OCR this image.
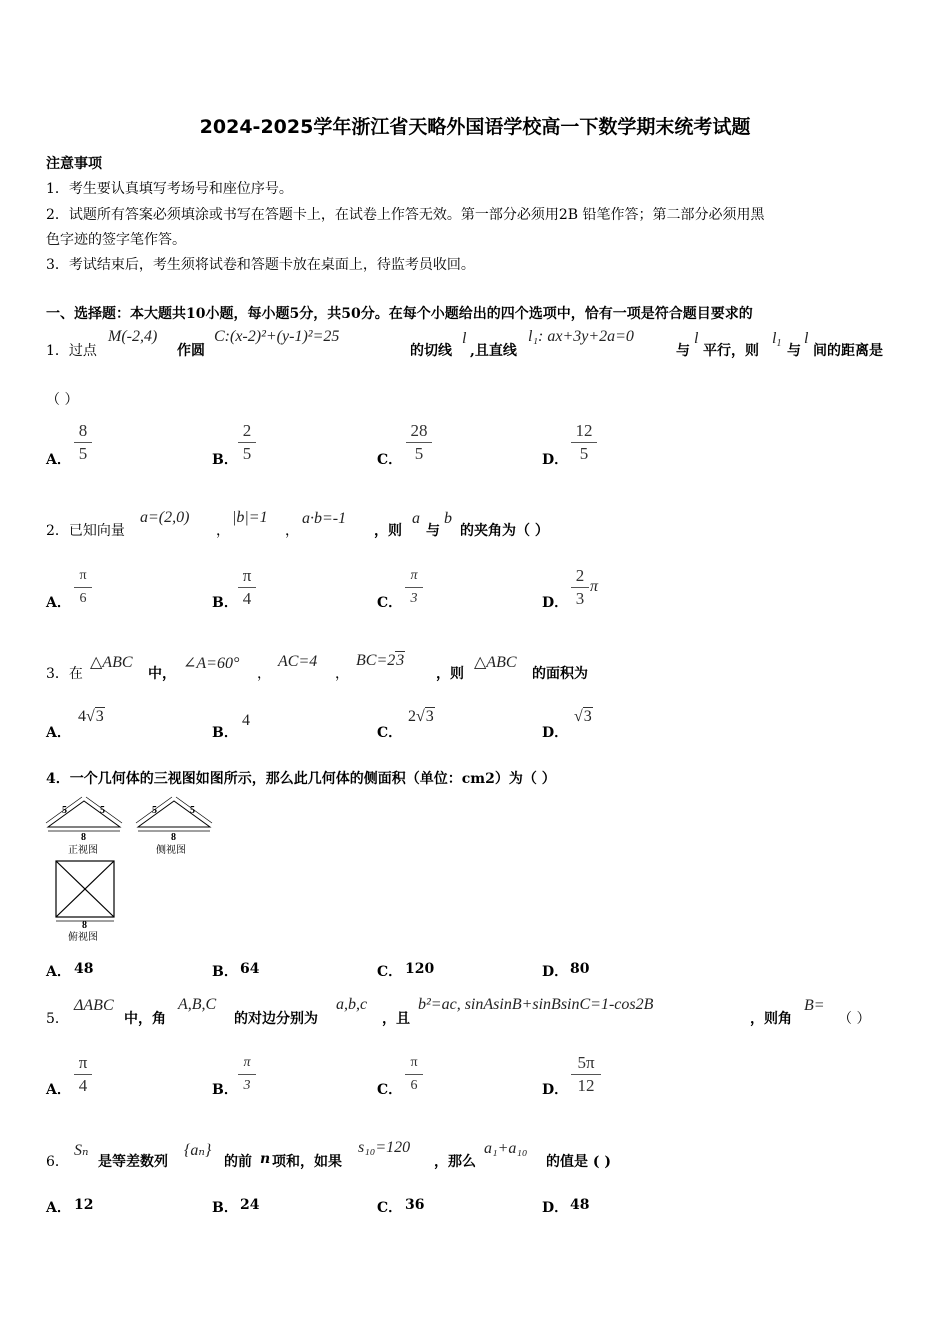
2024-2025学年浙江省天略外国语学校高一下数学期末统考试题
注意事项
1．考生要认真填写考场号和座位序号。
2．试题所有答案必须填涂或书写在答题卡上，在试卷上作答无效。第一部分必须用2B 铅笔作答；第二部分必须用黑
色字迹的签字笔作答。
3．考试结束后，考生须将试卷和答题卡放在桌面上，待监考员收回。
一、选择题：本大题共10小题，每小题5分，共50分。在每个小题给出的四个选项中，恰有一项是符合题目要求的
1．过点
M(-2,4)
作圆
C:(x-2)²+(y-1)²=25
的切线
l
,且直线
l₁: ax+3y+2a=0
与
l
平行，则
$l_1$ 与
l
间的距离是
（ ）
A．
8
5	B．
2
5	C．
28
5	D．
12
5
2．已知向量
a=(2,0)
，
|b|=1
，
a·b=-1
，则
a
与
b
的夹角为（ ）
A．
π
6	B．
π
4	C．
π
3	D．
2
3
π
3．在
△ABC
中，
∠A=60°
，
AC=4
，
BC=23
，则
△ABC
的面积为
A．
4√3
B．
4
C．
2√3
D．
√3
4．一个几何体的三视图如图所示，那么此几何体的侧面积（单位：cm2）为（ ）
5	5
8
正视图
5	5
8
侧视图
8
俯视图
A． 48	B． 64	C． 120	D． 80
5．
ΔABC
中，角
A,B,C
的对边分别为
a,b,c
，且
b²=ac, sinAsinB+sinBsinC=1-cos2B
，则角
B=
（ ）
A．
π
4	B．
π
3	C．
π
6	D．
5π
12
6．
Sₙ
是等差数列
{aₙ}
的前 n 项和，如果
s₁₀=120
，那么
a₁+a₁₀
的值是 ( )
A． 12	B． 24	C． 36	D． 48
